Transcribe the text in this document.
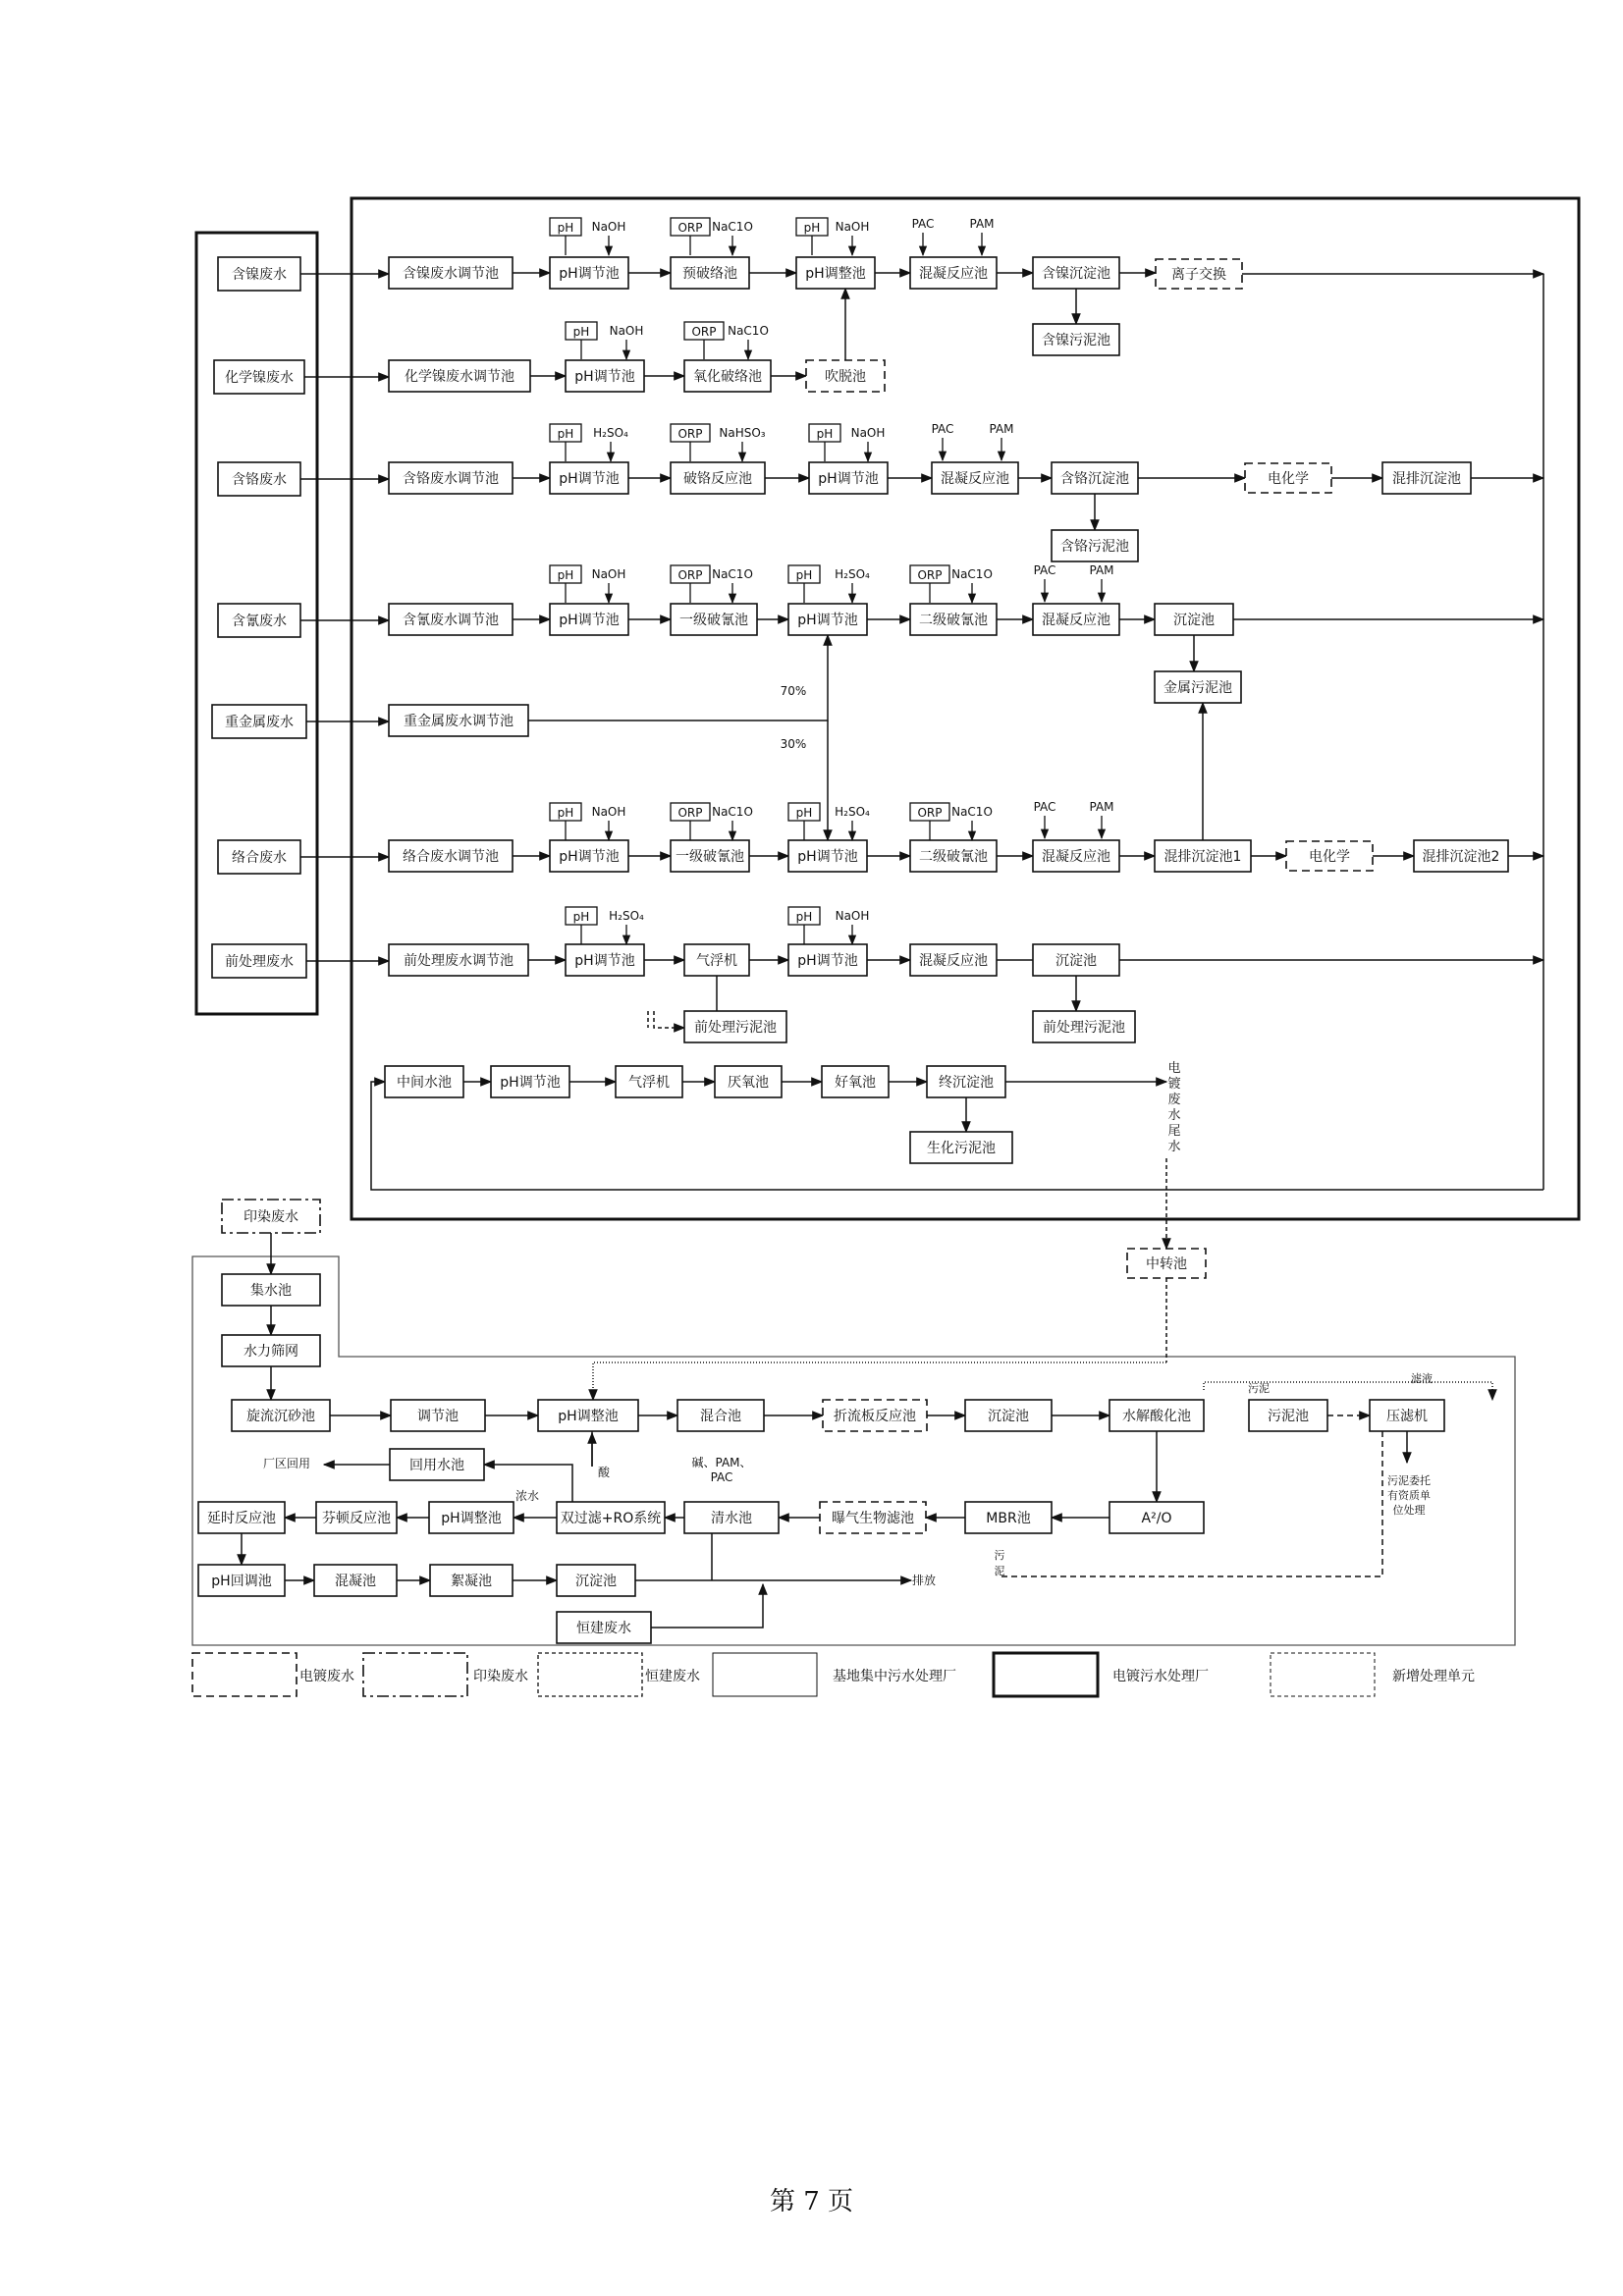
含镍废水
化学镍废水
含铬废水
含氰废水
重金属废水
络合废水
前处理废水
含镍废水调节池	pH调节池	预破络池	pH调整池	混凝反应池	含镍沉淀池	离子交换
含镍污泥池
化学镍废水调节池	pH调节池	氧化破络池	吹脱池
含铬废水调节池	pH调节池	破铬反应池	pH调节池	混凝反应池	含铬沉淀池	电化学	混排沉淀池
含铬污泥池
含氰废水调节池	pH调节池	一级破氰池	pH调节池	二级破氰池	混凝反应池	沉淀池
金属污泥池
重金属废水调节池
络合废水调节池	pH调节池	一级破氰池	pH调节池	二级破氰池	混凝反应池	混排沉淀池1	电化学	混排沉淀池2
前处理废水调节池	pH调节池	气浮机	pH调节池	混凝反应池	沉淀池
前处理污泥池	前处理污泥池
中间水池	pH调节池	气浮机	厌氧池	好氧池	终沉淀池
生化污泥池
中转池
印染废水
集水池
水力筛网
旋流沉砂池	调节池	pH调整池	混合池	折流板反应池	沉淀池	水解酸化池	污泥池	压滤机
A²/O
MBR池
曝气生物滤池
清水池
双过滤+RO系统
回用水池
pH调整池
芬顿反应池
延时反应池
pH回调池	混凝池	絮凝池	沉淀池
恒建废水
pH NaOH	ORP NaC1O	pH NaOH	PAC	PAM
pH NaOH	ORP NaC1O
pH H₂SO₄	ORP NaHSO₃	pH NaOH	PAC	PAM
pH NaOH	ORP NaC1O	pH H₂SO₄	ORP NaC1O	PAC	PAM
pH NaOH	ORP NaC1O	pH H₂SO₄	ORP NaC1O	PAC	PAM
pH H₂SO₄	pH NaOH
70%
30%
电
镀
废
水
尾
水
酸
碱、PAM、
PAC
厂区回用
浓水
排放
污泥
滤液
污泥委托
有资质单
位处理
污
泥
电镀废水	印染废水	恒建废水	基地集中污水处理厂	电镀污水处理厂	新增处理单元
第 7 页
